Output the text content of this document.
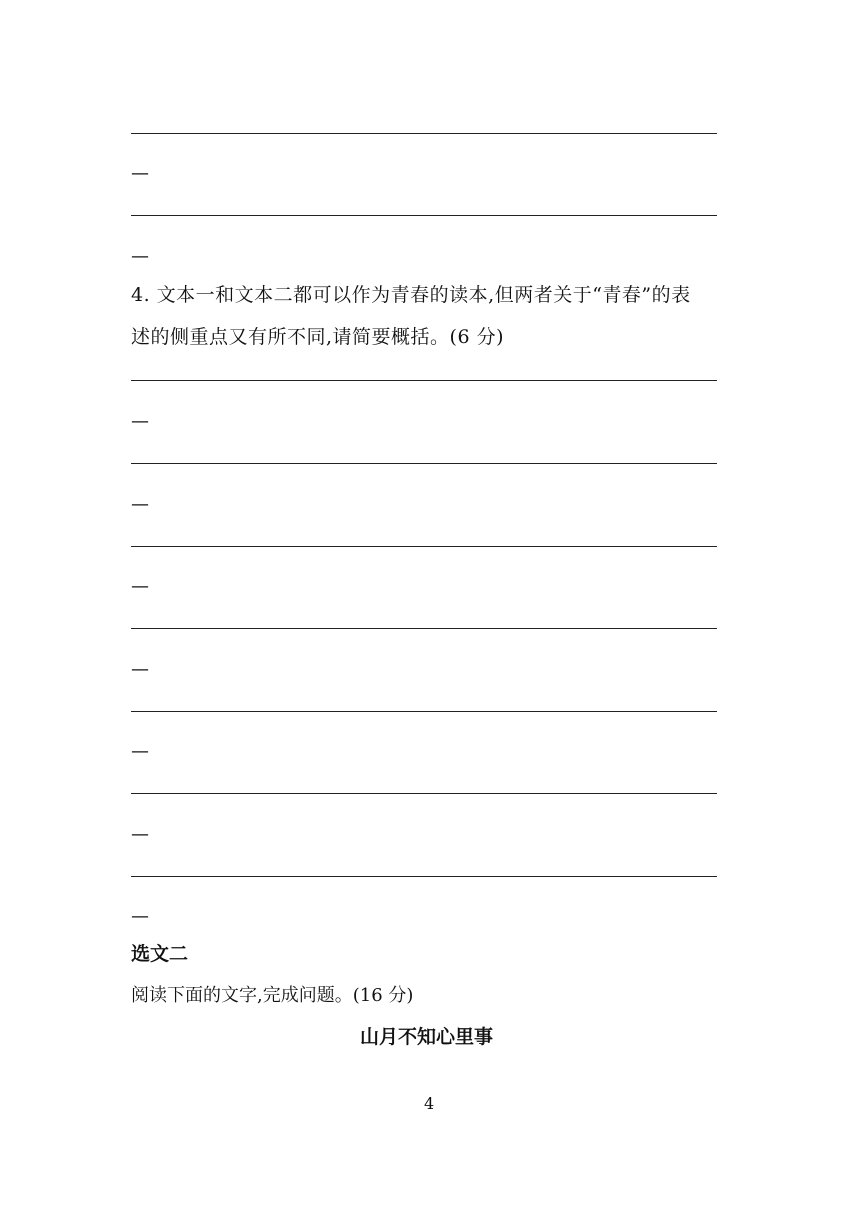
—
—
4. 文本一和文本二都可以作为青春的读本,但两者关于“青春”的表
述的侧重点又有所不同,请简要概括。(6 分)
—
—
—
—
—
—
—
选文二
阅读下面的文字,完成问题。(16 分)
山月不知心里事
4
